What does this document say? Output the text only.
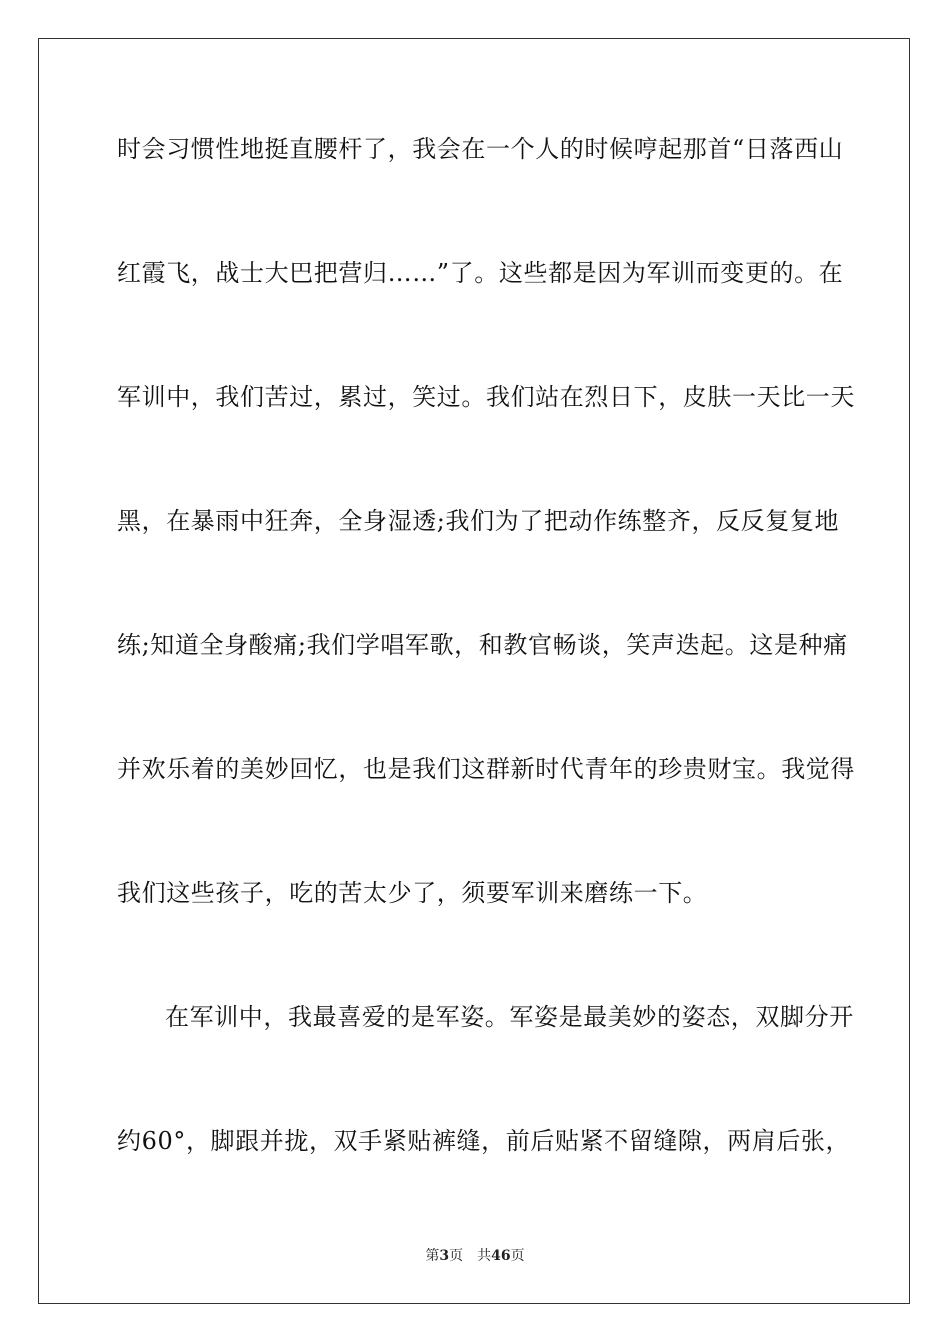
时会习惯性地挺直腰杆了，我会在一个人的时候哼起那首“日落西山
红霞飞，战士大巴把营归……”了。这些都是因为军训而变更的。在
军训中，我们苦过，累过，笑过。我们站在烈日下，皮肤一天比一天
黑，在暴雨中狂奔，全身湿透;我们为了把动作练整齐，反反复复地
练;知道全身酸痛;我们学唱军歌，和教官畅谈，笑声迭起。这是种痛
并欢乐着的美妙回忆，也是我们这群新时代青年的珍贵财宝。我觉得
我们这些孩子，吃的苦太少了，须要军训来磨练一下。
在军训中，我最喜爱的是军姿。军姿是最美妙的姿态，双脚分开
约60°，脚跟并拢，双手紧贴裤缝，前后贴紧不留缝隙，两肩后张，
第3页 共46页
